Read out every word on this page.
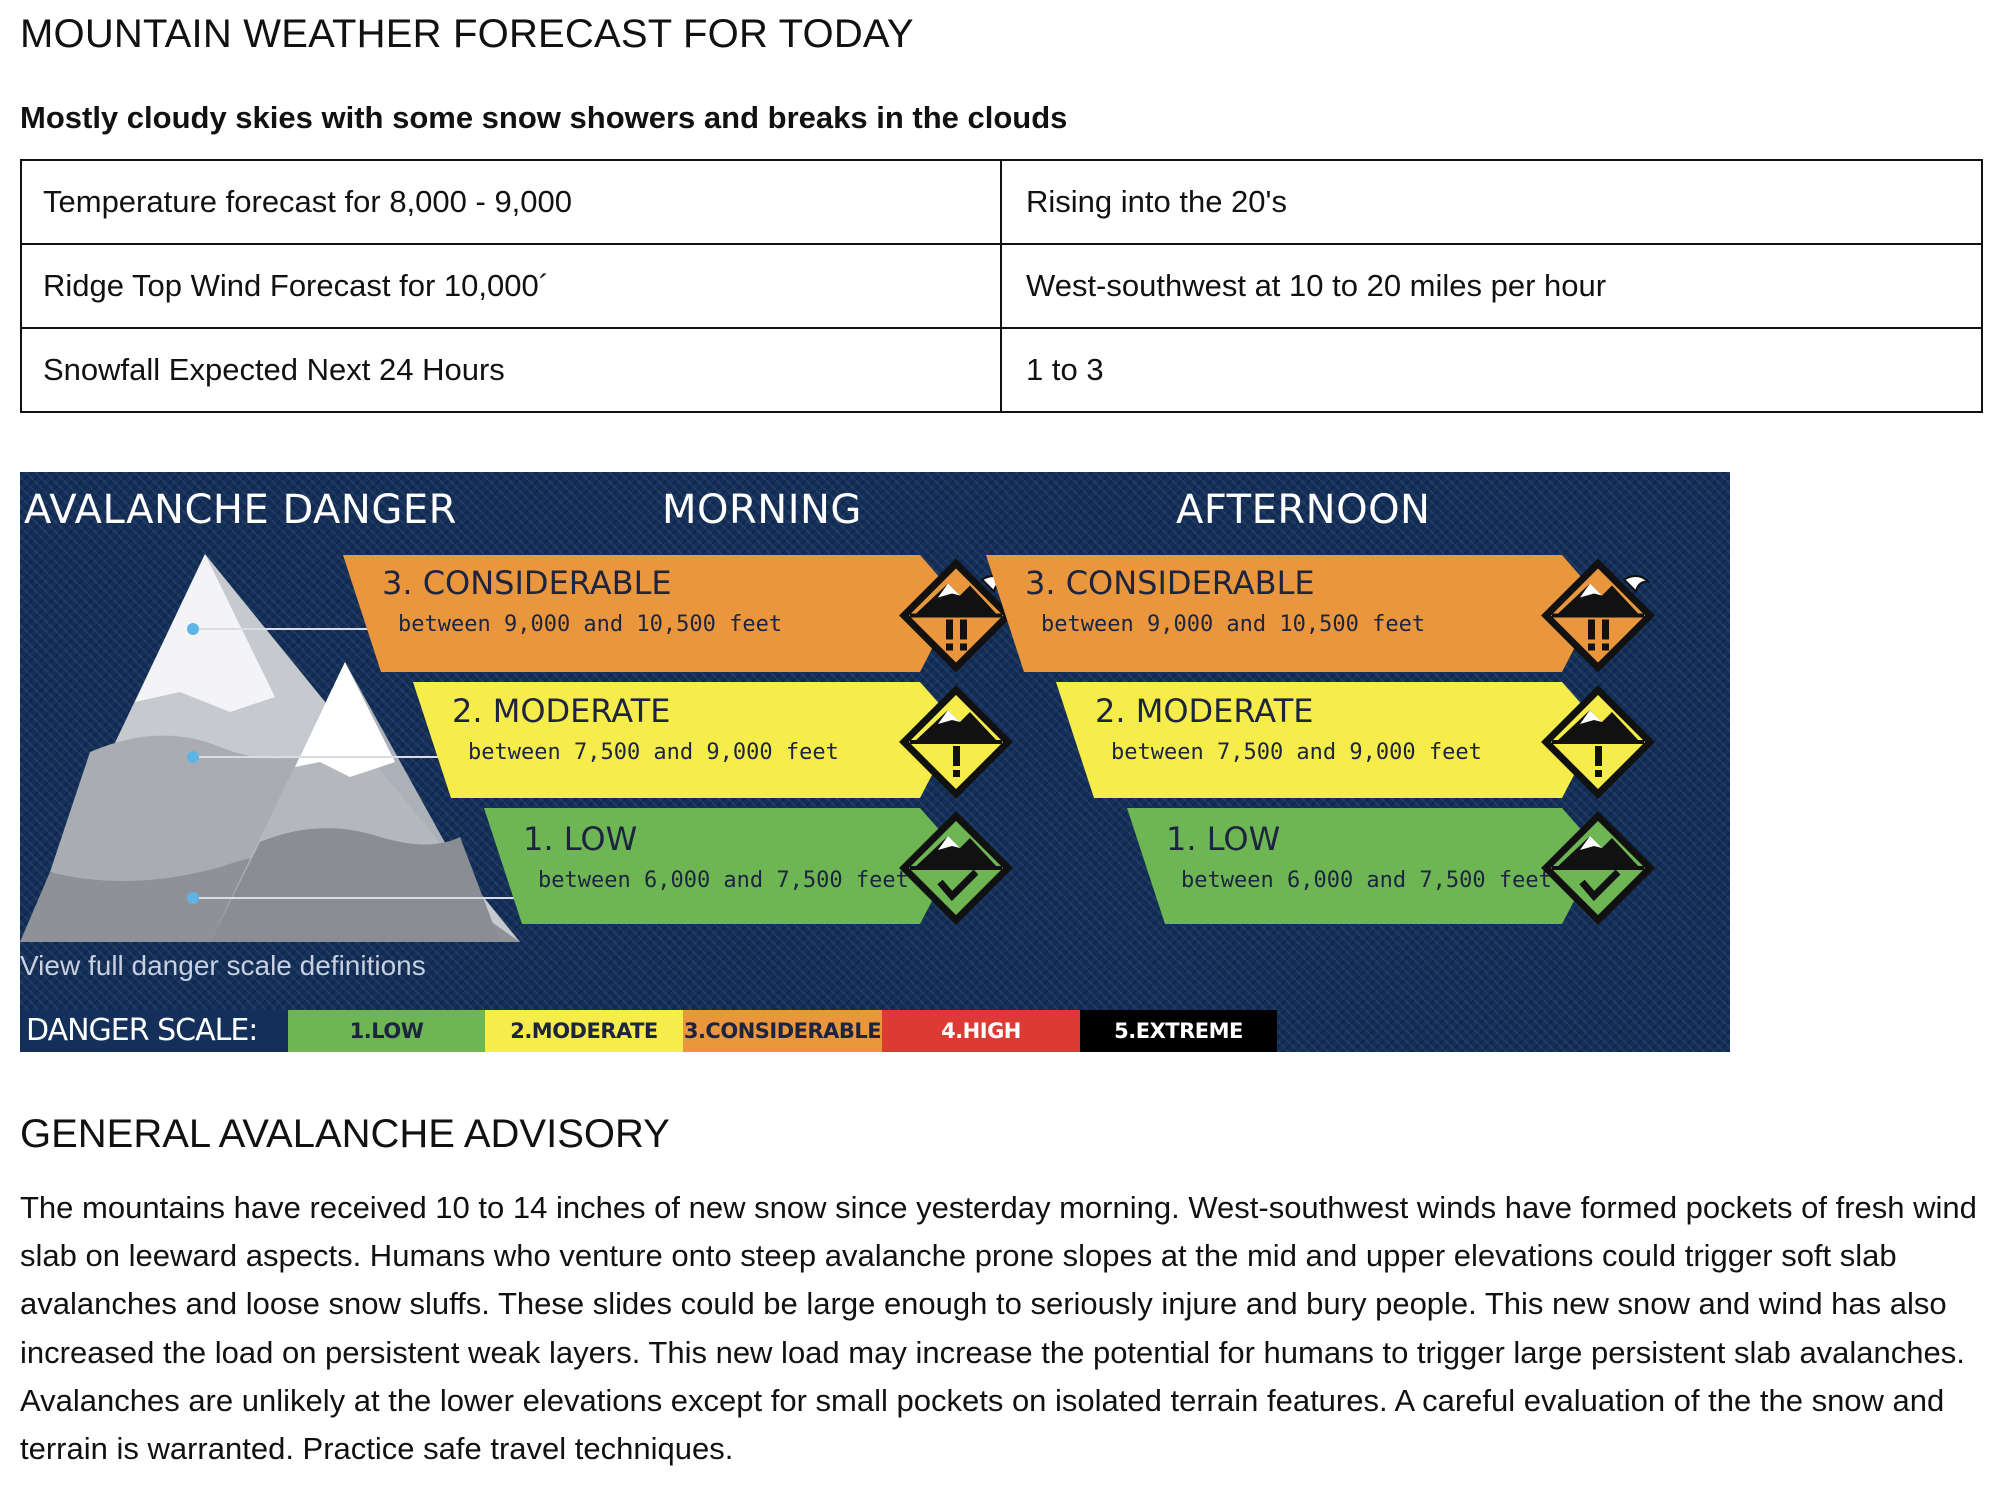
MOUNTAIN WEATHER FORECAST FOR TODAY
Mostly cloudy skies with some snow showers and breaks in the clouds
Temperature forecast for 8,000 - 9,000	Rising into the 20's
Ridge Top Wind Forecast for 10,000´	West-southwest at 10 to 20 miles per hour
Snowfall Expected Next 24 Hours	1 to 3
AVALANCHE DANGER	MORNING	AFTERNOON
3. CONSIDERABLE
between 9,000 and 10,500 feet
2. MODERATE
between 7,500 and 9,000 feet
1. LOW
between 6,000 and 7,500 feet
3. CONSIDERABLE
between 9,000 and 10,500 feet
2. MODERATE
between 7,500 and 9,000 feet
1. LOW
between 6,000 and 7,500 feet
View full danger scale definitions
DANGER SCALE:	1.LOW	2.MODERATE	3.CONSIDERABLE	4.HIGH	5.EXTREME
GENERAL AVALANCHE ADVISORY

The mountains have received 10 to 14 inches of new snow since yesterday morning. West-southwest winds have formed pockets of fresh wind slab on leeward aspects. Humans who venture onto steep avalanche prone slopes at the mid and upper elevations could trigger soft slab avalanches and loose snow sluffs. These slides could be large enough to seriously injure and bury people. This new snow and wind has also increased the load on persistent weak layers. This new load may increase the potential for humans to trigger large persistent slab avalanches. Avalanches are unlikely at the lower elevations except for small pockets on isolated terrain features. A careful evaluation of the the snow and terrain is warranted. Practice safe travel techniques.
